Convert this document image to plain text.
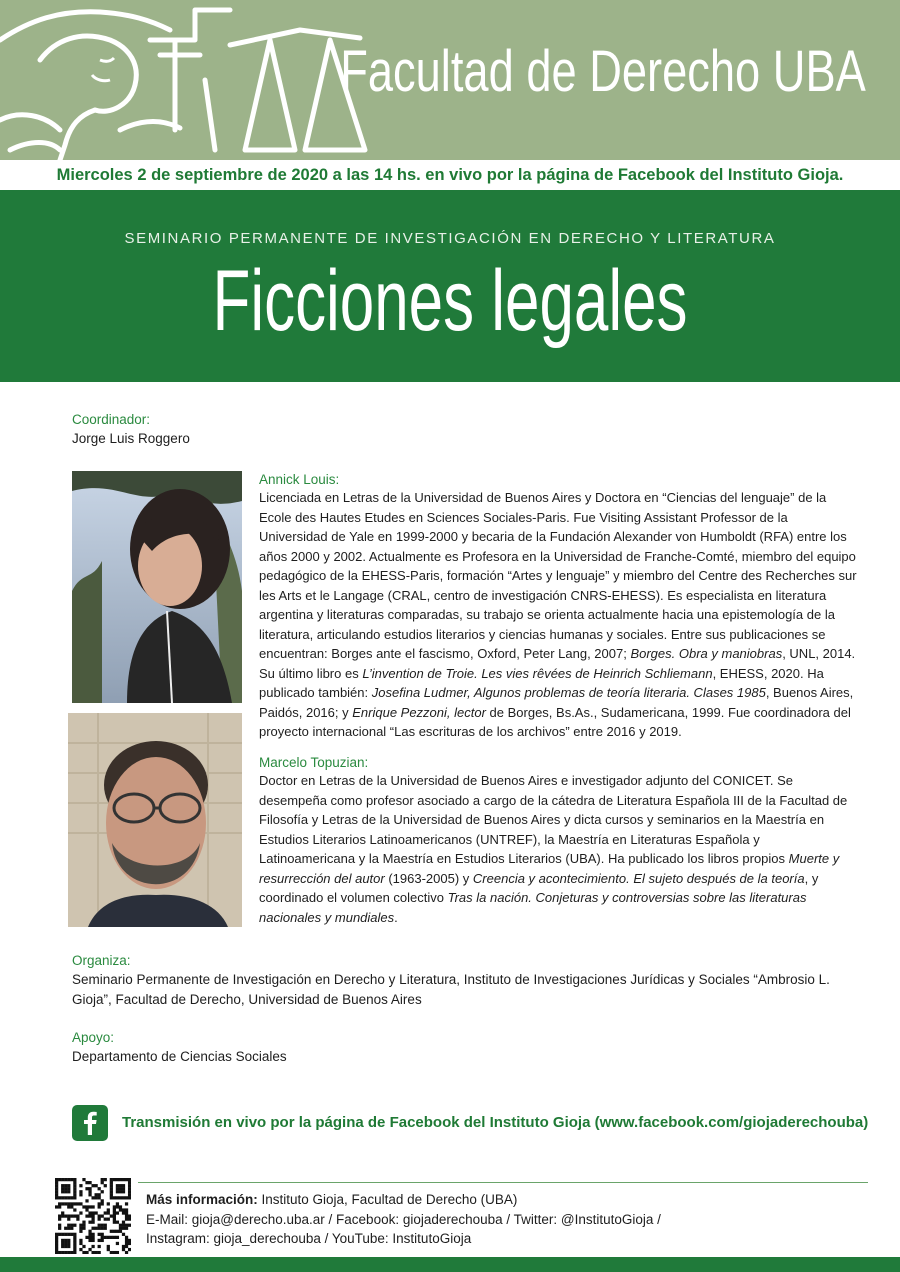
Facultad de Derecho UBA
Miercoles 2 de septiembre de 2020 a las 14 hs. en vivo por la página de Facebook del Instituto Gioja.
SEMINARIO PERMANENTE DE INVESTIGACIÓN EN DERECHO Y LITERATURA
Ficciones legales
Coordinador:
Jorge Luis Roggero
Annick Louis:
Licenciada en Letras de la Universidad de Buenos Aires y Doctora en “Ciencias del lenguaje” de la Ecole des Hautes Etudes en Sciences Sociales-Paris. Fue Visiting Assistant Professor de la Universidad de Yale en 1999-2000 y becaria de la Fundación Alexander von Humboldt (RFA) entre los años 2000 y 2002. Actualmente es Profesora en la Universidad de Franche-Comté, miembro del equipo pedagógico de la EHESS-Paris, formación “Artes y lenguaje” y miembro del Centre des Recherches sur les Arts et le Langage (CRAL, centro de investigación CNRS-EHESS). Es especialista en literatura argentina y literaturas comparadas, su trabajo se orienta actualmente hacia una epistemología de la literatura, articulando estudios literarios y ciencias humanas y sociales. Entre sus publicaciones se encuentran: Borges ante el fascismo, Oxford, Peter Lang, 2007; Borges. Obra y maniobras, UNL, 2014. Su último libro es L’invention de Troie. Les vies rêvées de Heinrich Schliemann, EHESS, 2020. Ha publicado también: Josefina Ludmer, Algunos problemas de teoría literaria. Clases 1985, Buenos Aires, Paidós, 2016; y Enrique Pezzoni, lector de Borges, Bs.As., Sudamericana, 1999. Fue coordinadora del proyecto internacional “Las escrituras de los archivos” entre 2016 y 2019.
Marcelo Topuzian:
Doctor en Letras de la Universidad de Buenos Aires e investigador adjunto del CONICET. Se desempeña como profesor asociado a cargo de la cátedra de Literatura Española III de la Facultad de Filosofía y Letras de la Universidad de Buenos Aires y dicta cursos y seminarios en la Maestría en Estudios Literarios Latinoamericanos (UNTREF), la Maestría en Literaturas Española y Latinoamericana y la Maestría en Estudios Literarios (UBA). Ha publicado los libros propios Muerte y resurrección del autor (1963-2005) y Creencia y acontecimiento. El sujeto después de la teoría, y coordinado el volumen colectivo Tras la nación. Conjeturas y controversias sobre las literaturas nacionales y mundiales.
Organiza:
Seminario Permanente de Investigación en Derecho y Literatura, Instituto de Investigaciones Jurídicas y Sociales “Ambrosio L. Gioja”, Facultad de Derecho, Universidad de Buenos Aires
Apoyo:
Departamento de Ciencias Sociales
Transmisión en vivo por la página de Facebook del Instituto Gioja (www.facebook.com/giojaderechouba)
Más información: Instituto Gioja, Facultad de Derecho (UBA)
E-Mail: gioja@derecho.uba.ar / Facebook: giojaderechouba / Twitter: @InstitutoGioja /
Instagram: gioja_derechouba / YouTube: InstitutoGioja
